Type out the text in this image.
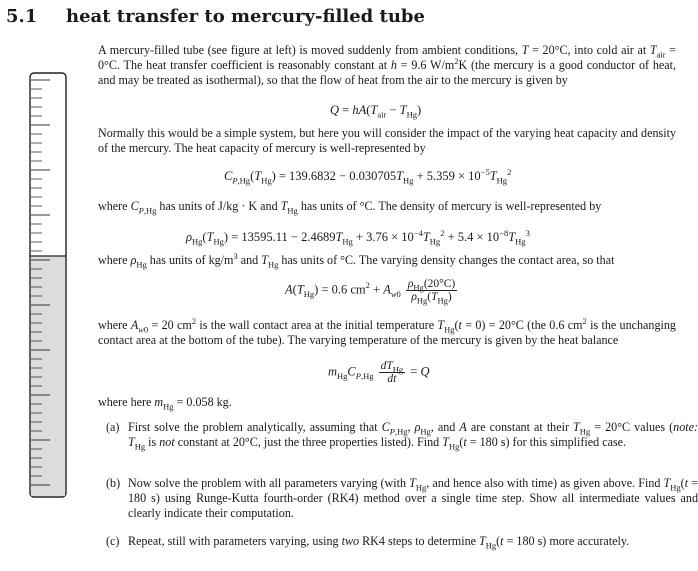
5.1 heat transfer to mercury-filled tube
A mercury-filled tube (see figure at left) is moved suddenly from ambient conditions, T = 20°C, into cold air at $T_{air} = 0^\circ C$. The heat transfer coefficient is reasonably constant at h = 9.6 $W/m^2K$ (the mercury is a good conductor of heat, and may be treated as isothermal), so that the flow of heat from the air to the mercury is given by
$Q = hA(T_{air} - T_{Hg})$
Normally this would be a simple system, but here you will consider the impact of the varying heat capacity and density of the mercury. The heat capacity of mercury is well-represented by
$C_{P,Hg}(T_{Hg}) = 139.6832 - 0.030705T_{Hg} + 5.359 \times 10^{-5}T_{Hg}^2$
where $C_{P,Hg}$ has units of J/kg · K and $T_{Hg}$ has units of °C. The density of mercury is well-represented by
$\rho_{Hg}(T_{Hg}) = 13595.11 - 2.4689T_{Hg} + 3.76 \times 10^{-4}T_{Hg}^2 + 5.4 \times 10^{-8}T_{Hg}^3$
where $\rho_{Hg}$ has units of $kg/m^3$ and $T_{Hg}$ has units of °C. The varying density changes the contact area, so that
$A(T_{Hg}) = 0.6$ $cm^2 + A_{w0} \frac{\rho_{Hg}(20^\circ C)}{\rho_{Hg}(T_{Hg})}$
where $A_{w0} = 20$ $cm^2$ is the wall contact area at the initial temperature $T_{Hg}(t = 0) = 20^\circ C$ (the 0.6 $cm^2$ is the unchanging contact area at the bottom of the tube). The varying temperature of the mercury is given by the heat balance
$m_{Hg}C_{P,Hg} \frac{dT_{Hg}}{dt} = Q$
where here $m_{Hg} = 0.058$ kg.
(a) First solve the problem analytically, assuming that $C_{P,Hg}$, $\rho_{Hg}$, and A are constant at their $T_{Hg} = 20^\circ C$ values (note: $T_{Hg}$ is not constant at 20°C, just the three properties listed). Find $T_{Hg}(t = 180$ s) for this simplified case.
(b) Now solve the problem with all parameters varying (with $T_{Hg}$, and hence also with time) as given above. Find $T_{Hg}(t = 180$ s) using Runge-Kutta fourth-order (RK4) method over a single time step. Show all intermediate values and clearly indicate their computation.
(c) Repeat, still with parameters varying, using two RK4 steps to determine $T_{Hg}(t = 180$ s) more accurately.
